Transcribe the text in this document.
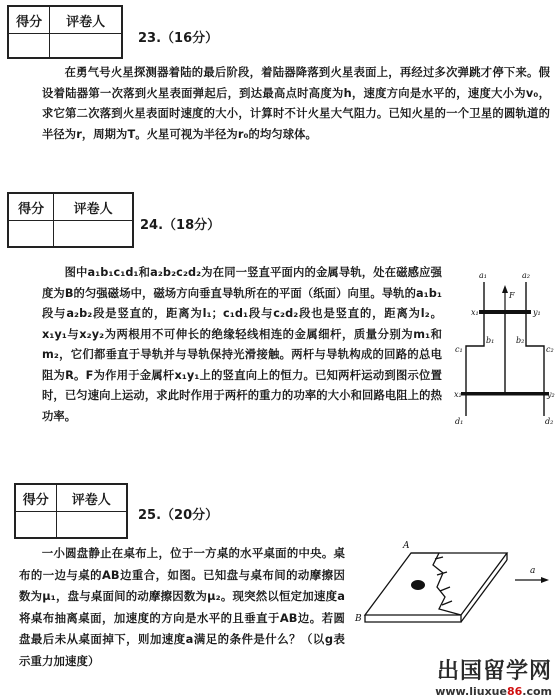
得分	评卷人
23.（16分）

在勇气号火星探测器着陆的最后阶段，着陆器降落到火星表面上，再经过多次弹跳才停下来。假设着陆器第一次落到火星表面弹起后，到达最高点时高度为h，速度方向是水平的，速度大小为v₀，求它第二次落到火星表面时速度的大小，计算时不计火星大气阻力。已知火星的一个卫星的圆轨道的半径为r，周期为T。火星可视为半径为r₀的均匀球体。

得分	评卷人
24.（18分）

图中a₁b₁c₁d₁和a₂b₂c₂d₂为在同一竖直平面内的金属导轨，处在磁感应强度为B的匀强磁场中，磁场方向垂直导轨所在的平面（纸面）向里。导轨的a₁b₁段与a₂b₂段是竖直的，距离为l₁；c₁d₁段与c₂d₂段也是竖直的，距离为l₂。x₁y₁与x₂y₂为两根用不可伸长的绝缘轻线相连的金属细杆，质量分别为m₁和m₂，它们都垂直于导轨并与导轨保持光滑接触。两杆与导轨构成的回路的总电阻为R。F为作用于金属杆x₁y₁上的竖直向上的恒力。已知两杆运动到图示位置时，已匀速向上运动，求此时作用于两杆的重力的功率的大小和回路电阻上的热功率。

a₁	a₂
F
x₁	y₁
b₁	b₂
c₁	c₂
x₂	y₂
d₁	d₂
得分	评卷人
25.（20分）

一小圆盘静止在桌布上，位于一方桌的水平桌面的中央。桌布的一边与桌的AB边重合，如图。已知盘与桌布间的动摩擦因数为μ₁，盘与桌面间的动摩擦因数为μ₂。现突然以恒定加速度a将桌布抽离桌面，加速度的方向是水平的且垂直于AB边。若圆盘最后未从桌面掉下，则加速度a满足的条件是什么？（以g表示重力加速度）

A
B
a
出国留学网
www.liuxue86.com
